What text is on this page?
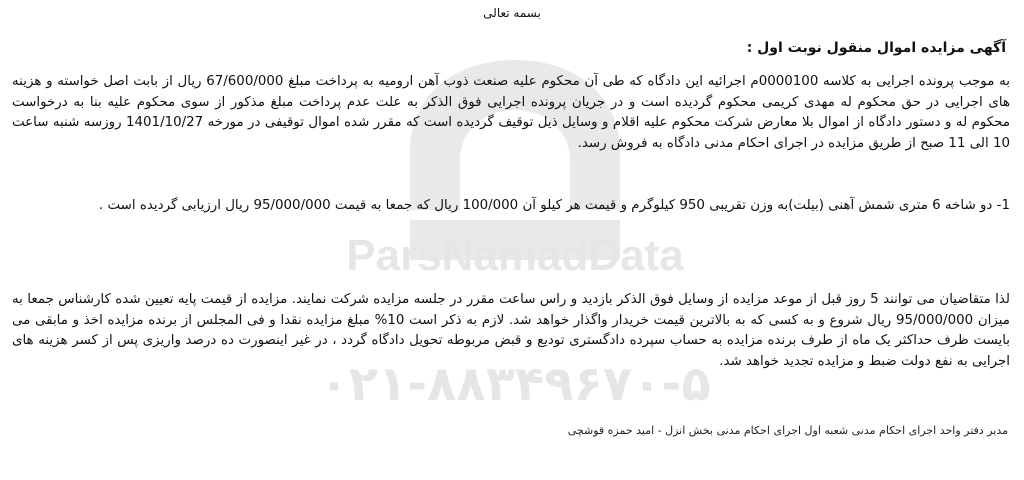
ParsNamadData
۰۲۱-۸۸۳۴۹۶۷۰-۵
بسمه تعالی
آگهی مزایده اموال منقول نوبت اول :
به موجب پرونده اجرایی به کلاسه 0000100م اجرائیه این دادگاه که طی آن محکوم علیه صنعت ذوب آهن ارومیه به پرداخت مبلغ 67/600/000 ریال از بابت اصل خواسته و هزینه های اجرایی در حق محکوم له مهدی کریمی محکوم گردیده است و در جریان پرونده اجرایی فوق الذکر به علت عدم پرداخت مبلغ مذکور از سوی محکوم علیه بنا به درخواست محکوم له و دستور دادگاه از اموال بلا معارض شرکت محکوم علیه اقلام و وسایل ذیل توقیف گردیده است که مقرر شده اموال توقیفی در مورخه 1401/10/27 روزسه شنبه ساعت 10 الی 11 صبح از طریق مزایده در اجرای احکام مدنی دادگاه به فروش رسد.
1- دو شاخه 6 متری شمش آهنی (بیلت)به وزن تقریبی 950 کیلوگرم و قیمت هر کیلو آن 100/000 ریال که جمعا به قیمت 95/000/000 ریال ارزیابی گردیده است .
لذا متقاضیان می توانند 5 روز قبل از موعد مزایده از وسایل فوق الذکر بازدید و راس ساعت مقرر در جلسه مزایده شرکت نمایند. مزایده از قیمت پایه تعیین شده کارشناس جمعا به میزان 95/000/000 ریال شروع و به کسی که به بالاترین قیمت خریدار واگذار خواهد شد. لازم به ذکر است 10% مبلغ مزایده نقدا و فی المجلس از برنده مزایده اخذ و مابقی می بایست ظرف حداکثر یک ماه از طرف برنده مزایده به حساب سپرده دادگستری تودیع و قبض مربوطه تحویل دادگاه گردد ، در غیر اینصورت ده درصد واریزی پس از کسر هزینه های اجرایی به نفع دولت ضبط و مزایده تجدید خواهد شد.
مدیر دفتر واحد اجرای احکام مدنی شعبه اول اجرای احکام مدنی بخش انزل - امید حمزه قوشچی
